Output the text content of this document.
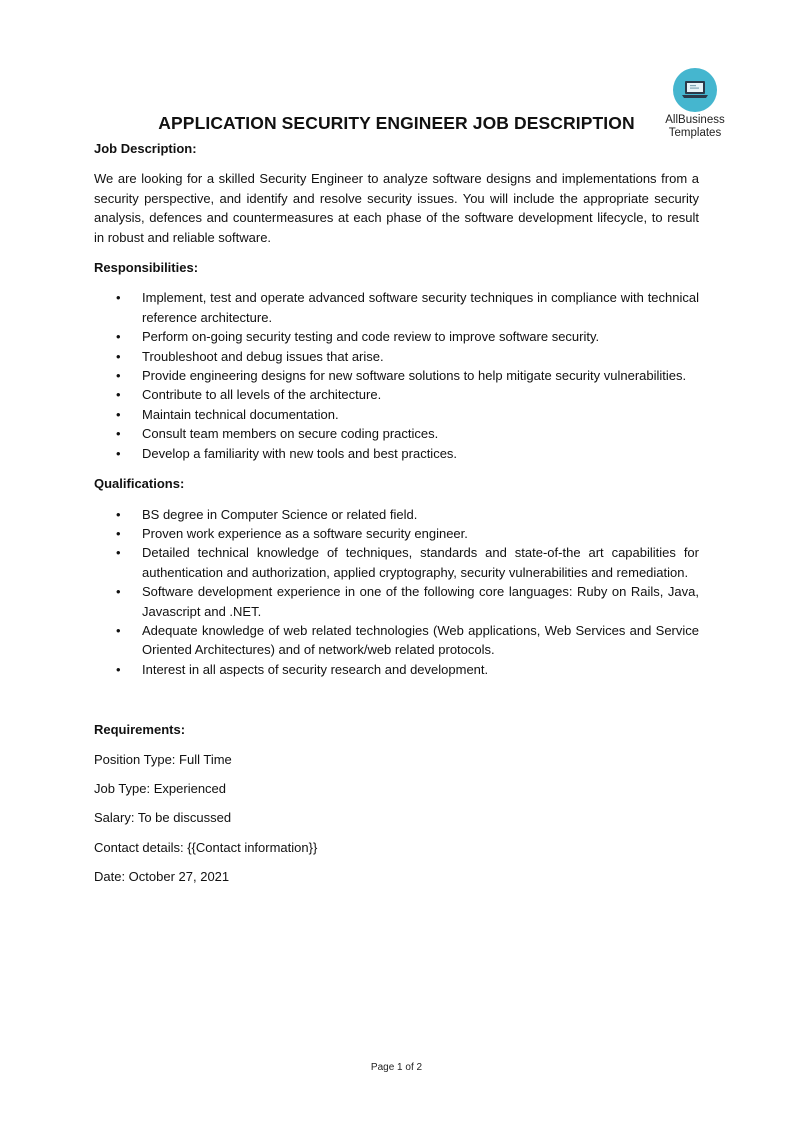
AllBusiness
Templates
APPLICATION SECURITY ENGINEER JOB DESCRIPTION

Job Description:

We are looking for a skilled Security Engineer to analyze software designs and implementations from a security perspective, and identify and resolve security issues. You will include the appropriate security analysis, defences and countermeasures at each phase of the software development lifecycle, to result in robust and reliable software.

Responsibilities:

• Implement, test and operate advanced software security techniques in compliance with technical reference architecture.
• Perform on-going security testing and code review to improve software security.
• Troubleshoot and debug issues that arise.
• Provide engineering designs for new software solutions to help mitigate security vulnerabilities.
• Contribute to all levels of the architecture.
• Maintain technical documentation.
• Consult team members on secure coding practices.
• Develop a familiarity with new tools and best practices.

Qualifications:

• BS degree in Computer Science or related field.
• Proven work experience as a software security engineer.
• Detailed technical knowledge of techniques, standards and state-of-the art capabilities for authentication and authorization, applied cryptography, security vulnerabilities and remediation.
• Software development experience in one of the following core languages: Ruby on Rails, Java, Javascript and .NET.
• Adequate knowledge of web related technologies (Web applications, Web Services and Service Oriented Architectures) and of network/web related protocols.
• Interest in all aspects of security research and development.

Requirements:

Position Type: Full Time

Job Type: Experienced

Salary: To be discussed

Contact details: {{Contact information}}

Date: October 27, 2021

Page 1 of 2
